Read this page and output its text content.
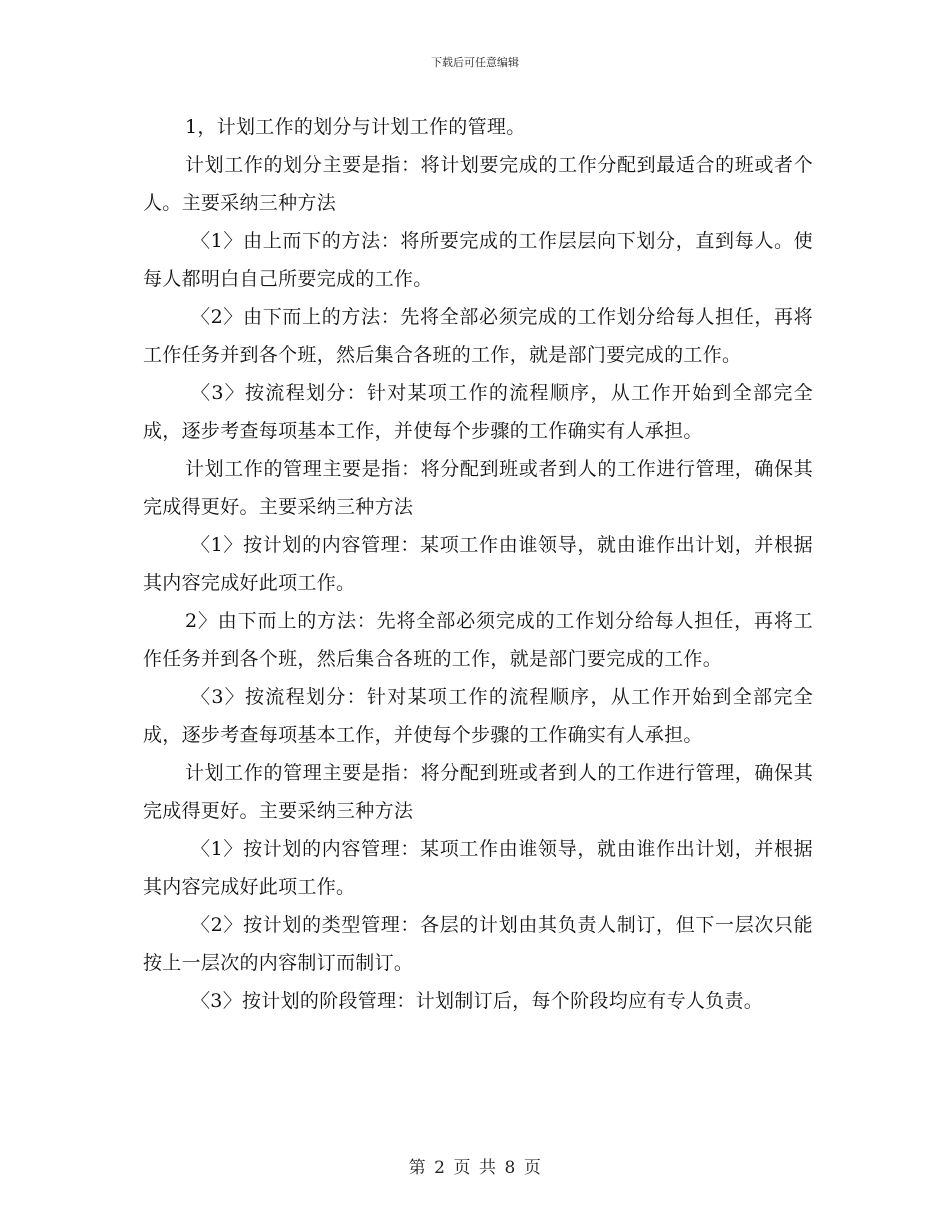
下载后可任意编辑

1，计划工作的划分与计划工作的管理。

计划工作的划分主要是指：将计划要完成的工作分配到最适合的班或者个人。主要采纳三种方法

〈1〉由上而下的方法：将所要完成的工作层层向下划分，直到每人。使每人都明白自己所要完成的工作。

〈2〉由下而上的方法：先将全部必须完成的工作划分给每人担任，再将工作任务并到各个班，然后集合各班的工作，就是部门要完成的工作。

〈3〉按流程划分：针对某项工作的流程顺序，从工作开始到全部完全成，逐步考查每项基本工作，并使每个步骤的工作确实有人承担。

计划工作的管理主要是指：将分配到班或者到人的工作进行管理，确保其完成得更好。主要采纳三种方法

〈1〉按计划的内容管理：某项工作由谁领导，就由谁作出计划，并根据其内容完成好此项工作。

2〉由下而上的方法：先将全部必须完成的工作划分给每人担任，再将工作任务并到各个班，然后集合各班的工作，就是部门要完成的工作。

〈3〉按流程划分：针对某项工作的流程顺序，从工作开始到全部完全成，逐步考查每项基本工作，并使每个步骤的工作确实有人承担。

计划工作的管理主要是指：将分配到班或者到人的工作进行管理，确保其完成得更好。主要采纳三种方法

〈1〉按计划的内容管理：某项工作由谁领导，就由谁作出计划，并根据其内容完成好此项工作。

〈2〉按计划的类型管理：各层的计划由其负责人制订，但下一层次只能按上一层次的内容制订而制订。

〈3〉按计划的阶段管理：计划制订后，每个阶段均应有专人负责。

第 2 页 共 8 页
